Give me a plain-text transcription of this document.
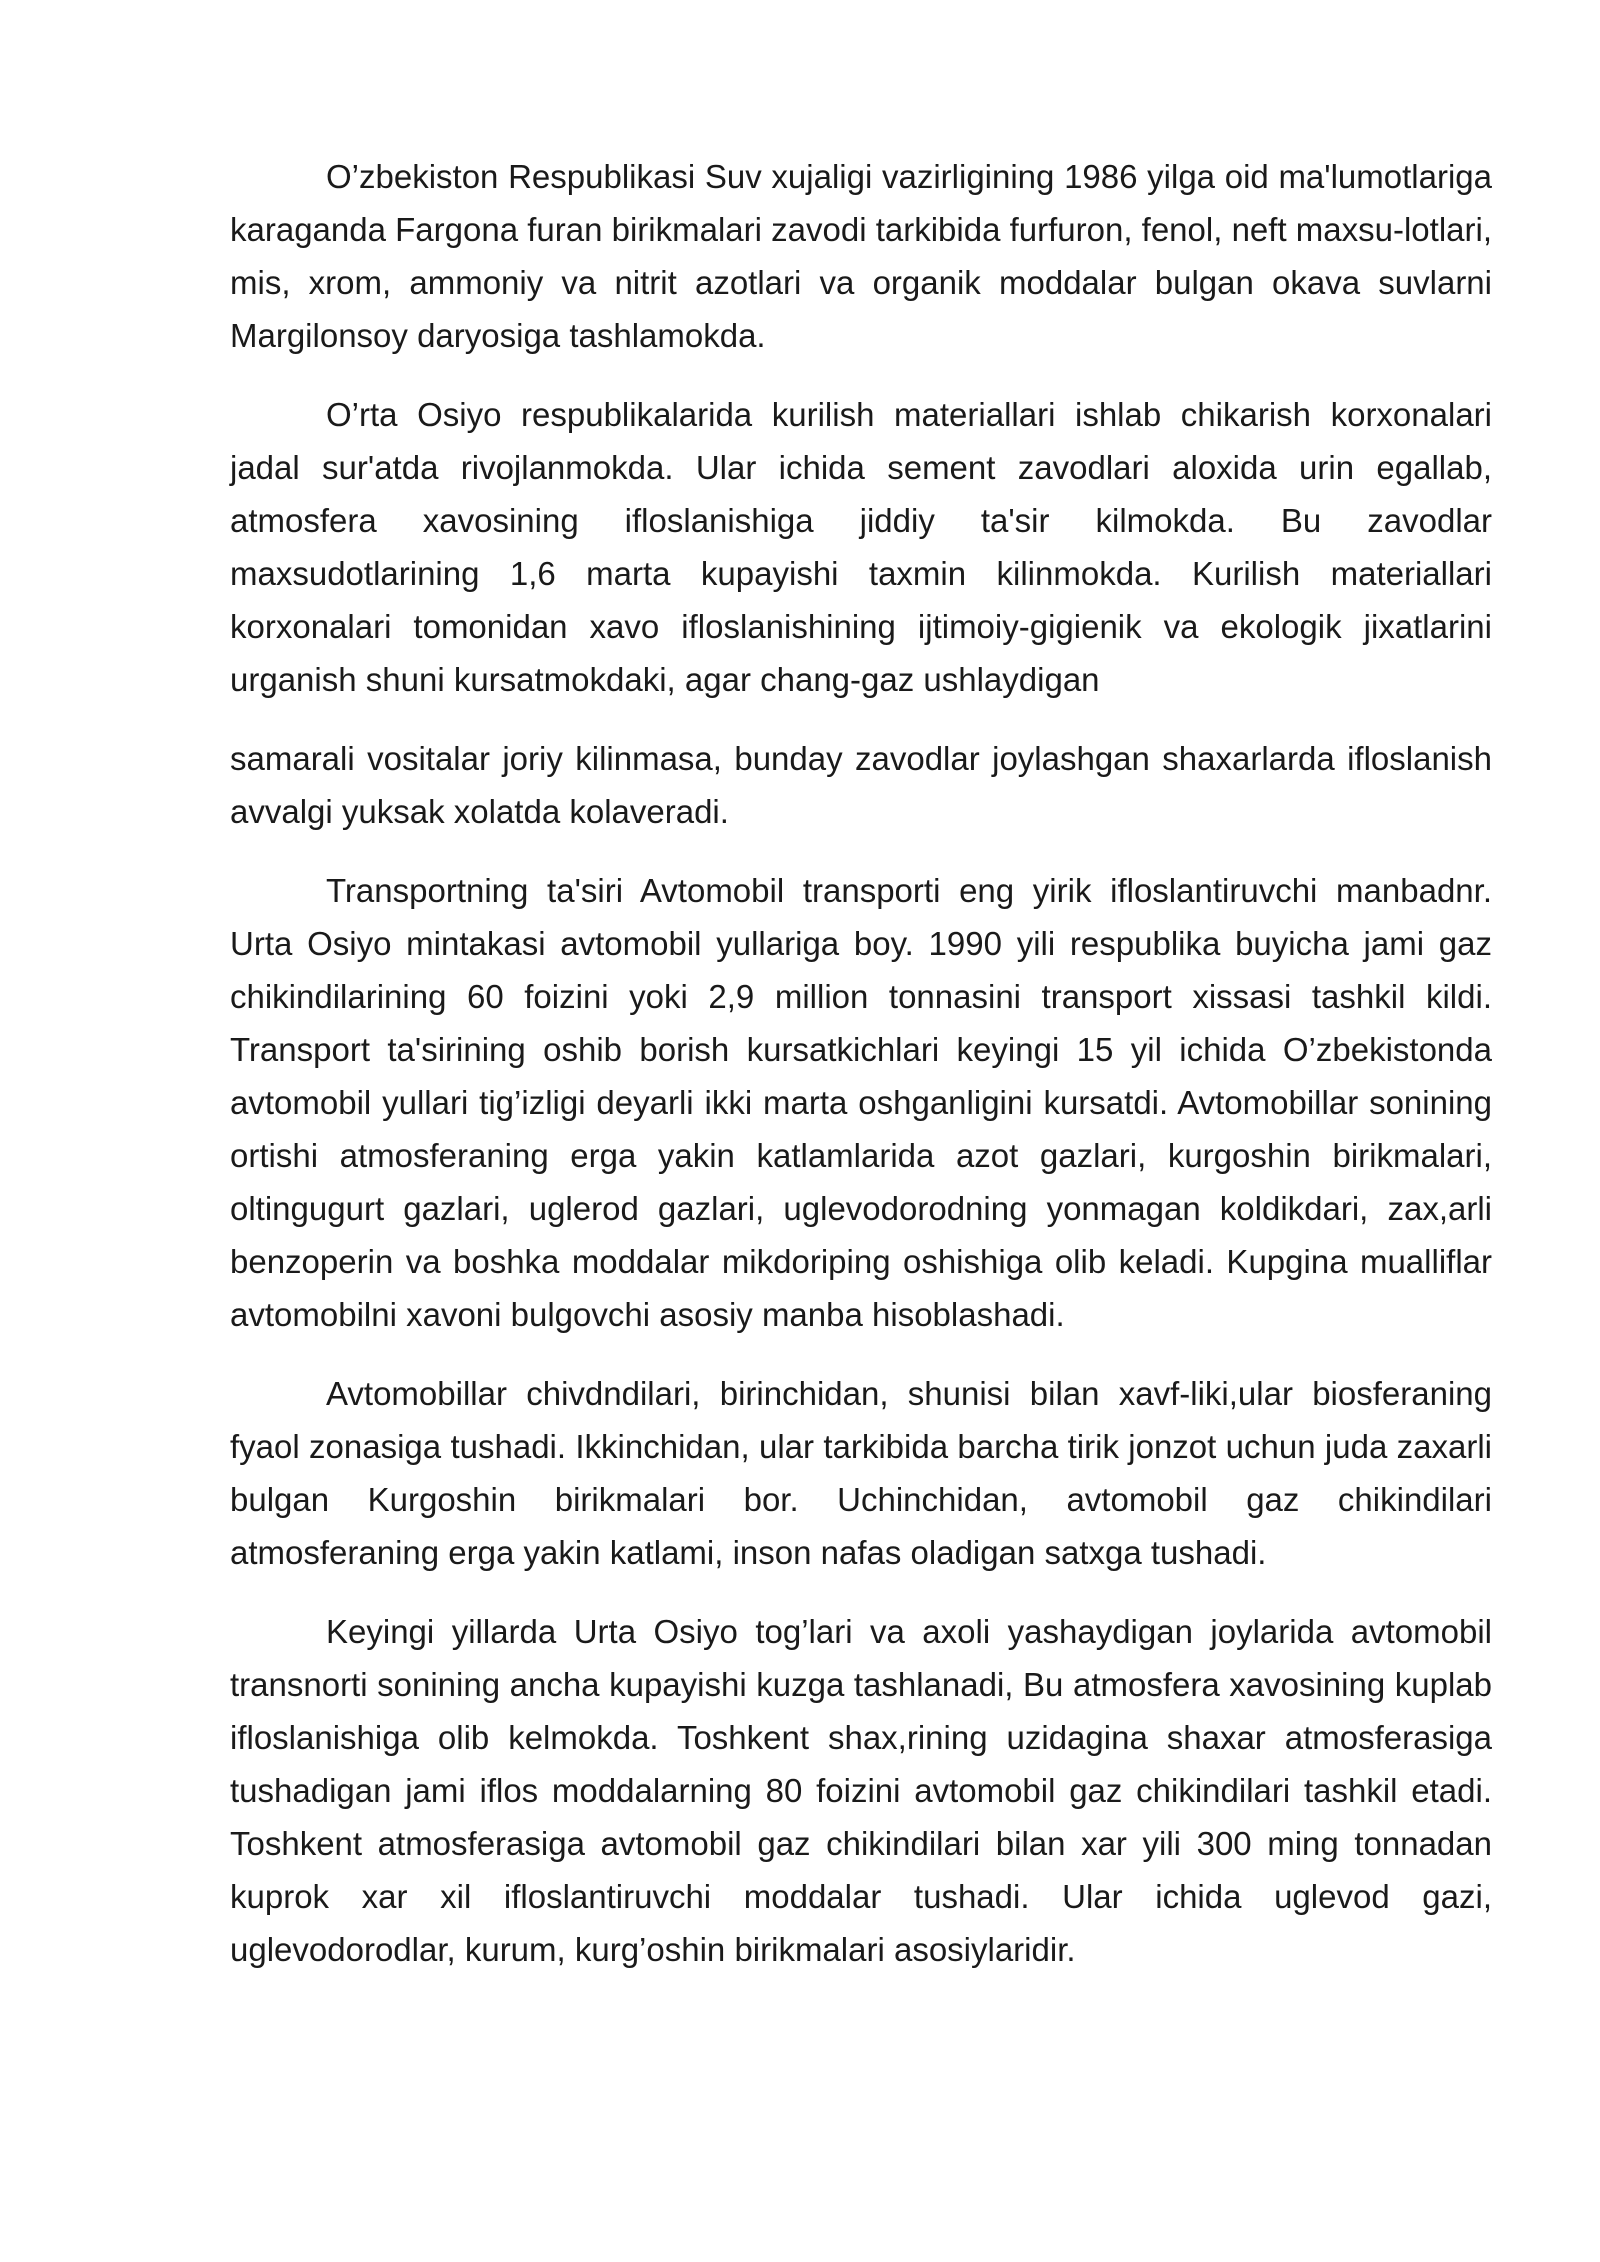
O’zbekiston Respublikasi Suv xujaligi vazirligining 1986 yilga oid ma'lumotlariga karaganda Fargona furan birikmalari zavodi tarkibida furfuron, fenol, neft maxsu-lotlari, mis, xrom, ammoniy va nitrit azotlari va organik moddalar bulgan okava suvlarni Margilonsoy daryosiga tashlamokda.

O’rta Osiyo respublikalarida kurilish materiallari ishlab chikarish korxonalari jadal sur'atda rivojlanmokda. Ular ichida sement zavodlari aloxida urin egallab, atmosfera xavosining ifloslanishiga jiddiy ta'sir kilmokda. Bu zavodlar maxsudotlarining 1,6 marta kupayishi taxmin kilinmokda. Kurilish materiallari korxonalari tomonidan xavo ifloslanishining ijtimoiy-gigienik va ekologik jixatlarini urganish shuni kursatmokdaki, agar chang-gaz ushlaydigan

samarali vositalar joriy kilinmasa, bunday zavodlar joylashgan shaxarlarda ifloslanish avvalgi yuksak xolatda kolaveradi.

Transportning ta'siri Avtomobil transporti eng yirik ifloslantiruvchi manbadnr. Urta Osiyo mintakasi avtomobil yullariga boy. 1990 yili respublika buyicha jami gaz chikindilarining 60 foizini yoki 2,9 million tonnasini transport xissasi tashkil kildi. Transport ta'sirining oshib borish kursatkichlari keyingi 15 yil ichida O’zbekistonda avtomobil yullari tig’izligi deyarli ikki marta oshganligini kursatdi. Avtomobillar sonining ortishi atmosferaning erga yakin katlamlarida azot gazlari, kurgoshin birikmalari, oltingugurt gazlari, uglerod gazlari, uglevodorodning yonmagan koldikdari, zax,arli benzoperin va boshka moddalar mikdoriping oshishiga olib keladi. Kupgina mualliflar avtomobilni xavoni bulgovchi asosiy manba hisoblashadi.

Avtomobillar chivdndilari, birinchidan, shunisi bilan xavf-liki,ular biosferaning fyaol zonasiga tushadi. Ikkinchidan, ular tarkibida barcha tirik jonzot uchun juda zaxarli bulgan Kurgoshin birikmalari bor. Uchinchidan, avtomobil gaz chikindilari atmosferaning erga yakin katlami, inson nafas oladigan satxga tushadi.

Keyingi yillarda Urta Osiyo tog’lari va axoli yashaydigan joylarida avtomobil transnorti sonining ancha kupayishi kuzga tashlanadi, Bu atmosfera xavosining kuplab ifloslanishiga olib kelmokda. Toshkent shax,rining uzidagina shaxar atmosferasiga tushadigan jami iflos moddalarning 80 foizini avtomobil gaz chikindilari tashkil etadi. Toshkent atmosferasiga avtomobil gaz chikindilari bilan xar yili 300 ming tonnadan kuprok xar xil ifloslantiruvchi moddalar tushadi. Ular ichida uglevod gazi, uglevodorodlar, kurum, kurg’oshin birikmalari asosiylaridir.
